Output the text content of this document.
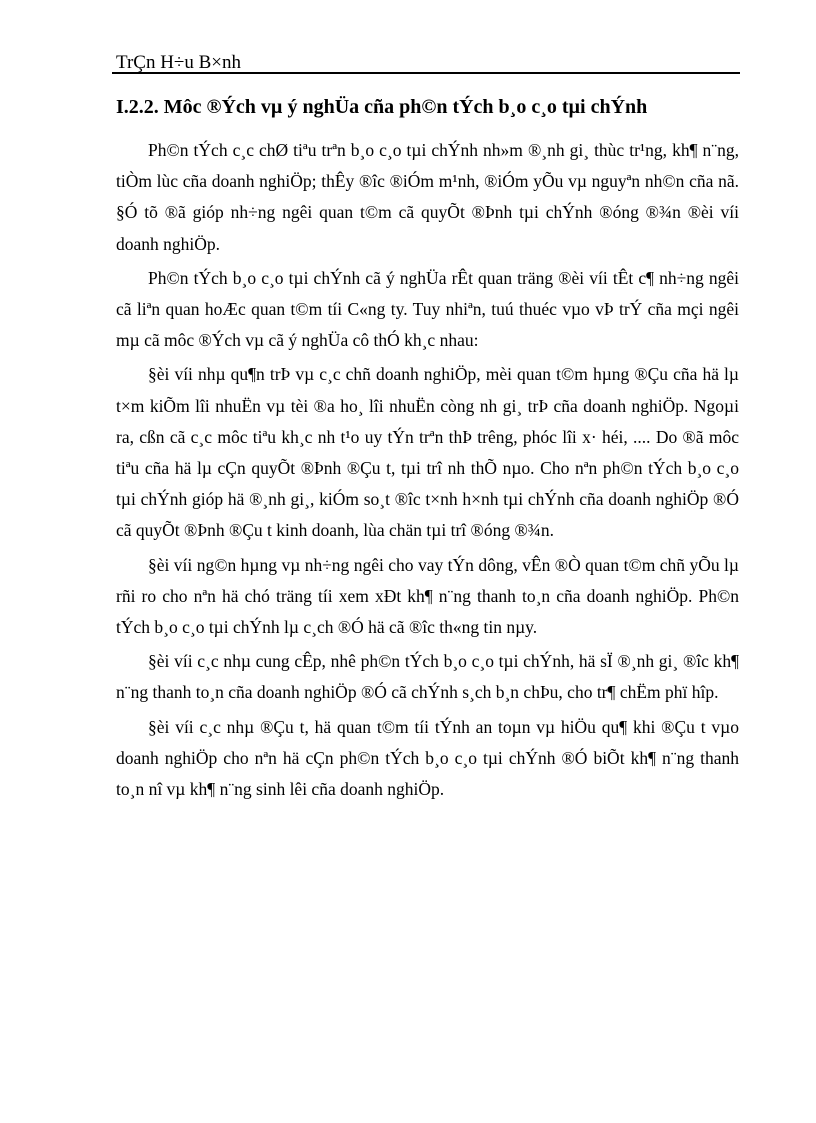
TrÇn H÷u B×nh
I.2.2. Môc ®Ých vµ ý nghÜa cña ph©n tÝch b¸o c¸o tµi chÝnh

Ph©n tÝch c¸c chØ tiªu trªn b¸o c¸o tµi chÝnh nh»m ®¸nh gi¸ thùc tr¹ng, kh¶ n¨ng, tiÒm lùc cña doanh nghiÖp; thÊy ®îc ®iÓm m¹nh, ®iÓm yÕu vµ nguyªn nh©n cña nã. §Ó tõ ®ã gióp nh÷ng ngêi quan t©m cã quyÕt ®Þnh tµi chÝnh ®óng ®¾n ®èi víi doanh nghiÖp.

Ph©n tÝch b¸o c¸o tµi chÝnh cã ý nghÜa rÊt quan träng ®èi víi tÊt c¶ nh÷ng ngêi cã liªn quan hoÆc quan t©m tíi C«ng ty. Tuy nhiªn, tuú thuéc vµo vÞ trÝ cña mçi ngêi mµ cã môc ®Ých vµ cã ý nghÜa cô thÓ kh¸c nhau:

§èi víi nhµ qu¶n trÞ vµ c¸c chñ doanh nghiÖp, mèi quan t©m hµng ®Çu cña hä lµ t×m kiÕm lîi nhuËn vµ tèi ®a ho¸ lîi nhuËn còng nh gi¸ trÞ cña doanh nghiÖp. Ngoµi ra, cßn cã c¸c môc tiªu kh¸c nh t¹o uy tÝn trªn thÞ trêng, phóc lîi x· héi, .... Do ®ã môc tiªu cña hä lµ cÇn quyÕt ®Þnh ®Çu t, tµi trî nh thÕ nµo. Cho nªn ph©n tÝch b¸o c¸o tµi chÝnh gióp hä ®¸nh gi¸, kiÓm so¸t ®îc t×nh h×nh tµi chÝnh cña doanh nghiÖp ®Ó cã quyÕt ®Þnh ®Çu t kinh doanh, lùa chän tµi trî ®óng ®¾n.

§èi víi ng©n hµng vµ nh÷ng ngêi cho vay tÝn dông, vÊn ®Ò quan t©m chñ yÕu lµ rñi ro cho nªn hä chó träng tíi xem xÐt kh¶ n¨ng thanh to¸n cña doanh nghiÖp. Ph©n tÝch b¸o c¸o tµi chÝnh lµ c¸ch ®Ó hä cã ®îc th«ng tin nµy.

§èi víi c¸c nhµ cung cÊp, nhê ph©n tÝch b¸o c¸o tµi chÝnh, hä sÏ ®¸nh gi¸ ®îc kh¶ n¨ng thanh to¸n cña doanh nghiÖp ®Ó cã chÝnh s¸ch b¸n chÞu, cho tr¶ chËm phï hîp.

§èi víi c¸c nhµ ®Çu t, hä quan t©m tíi tÝnh an toµn vµ hiÖu qu¶ khi ®Çu t vµo doanh nghiÖp cho nªn hä cÇn ph©n tÝch b¸o c¸o tµi chÝnh ®Ó biÕt kh¶ n¨ng thanh to¸n nî vµ kh¶ n¨ng sinh lêi cña doanh nghiÖp.
